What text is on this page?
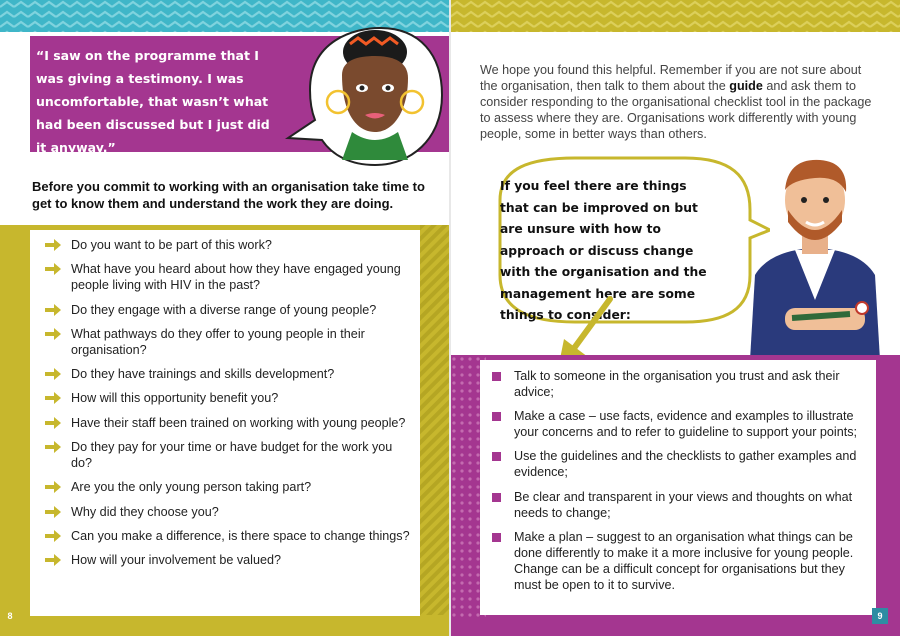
“I saw on the programme that I was giving a testimony. I was uncomfortable, that wasn’t what had been discussed but I just did it anyway.”
Before you commit to working with an organisation take time to get to know them and understand the work they are doing.
Do you want to be part of this work?
What have you heard about how they have engaged young people living with HIV in the past?
Do they engage with a diverse range of young people?
What pathways do they offer to young people in their organisation?
Do they have trainings and skills development?
How will this opportunity benefit you?
Have their staff been trained on working with young people?
Do they pay for your time or have budget for the work you do?
Are you the only young person taking part?
Why did they choose you?
Can you make a difference, is there space to change things?
How will your involvement be valued?
8
We hope you found this helpful. Remember if you are not sure about the organisation, then talk to them about the guide and ask them to consider responding to the organisational checklist tool in the package to assess where they are. Organisations work differently with young people, some in better ways than others.
If you feel there are things that can be improved on but are unsure with how to approach or discuss change with the organisation and the management here are some things to consider:
Talk to someone in the organisation you trust and ask their advice;
Make a case – use facts, evidence and examples to illustrate your concerns and to refer to guideline to support your points;
Use the guidelines and the checklists to gather examples and evidence;
Be clear and transparent in your views and thoughts on what needs to change;
Make a plan – suggest to an organisation what things can be done differently to make it a more inclusive for young people. Change can be a difficult concept for organisations but they must be open to it to survive.
9
